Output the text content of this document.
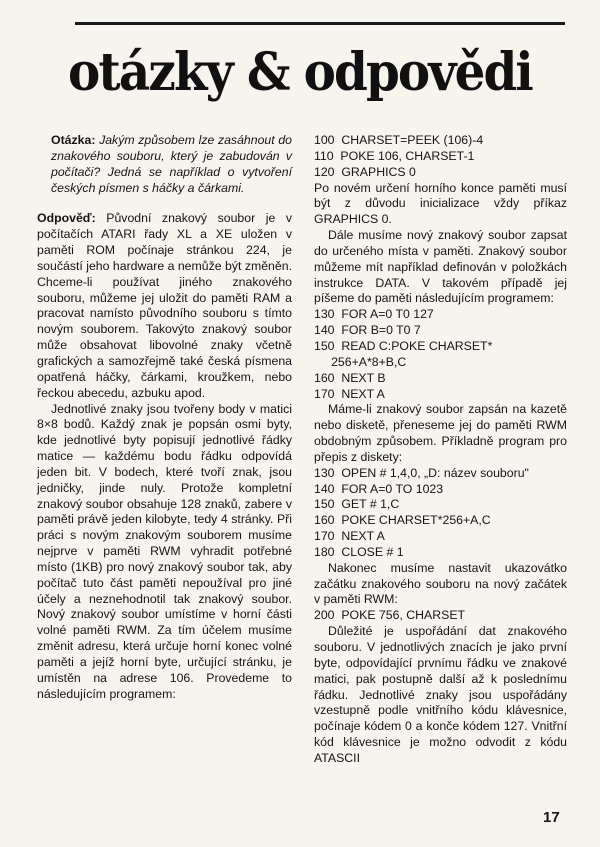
otázky & odpovědi

Otázka: Jakým způsobem lze zasáhnout do znakového souboru, který je zabudován v počítači? Jedná se například o vytvoření českých písmen s háčky a čárkami.

Odpověď: Původní znakový soubor je v počítačích ATARI řady XL a XE uložen v paměti ROM počínaje stránkou 224, je součástí jeho hardware a nemůže být změněn. Chceme-li používat jiného znakového souboru, můžeme jej uložit do paměti RAM a pracovat namísto původního souboru s tímto novým souborem. Takovýto znakový soubor může obsahovat libovolné znaky včetně grafických a samozřejmě také česká písmena opatřená háčky, čárkami, kroužkem, nebo řeckou abecedu, azbuku apod.

Jednotlivé znaky jsou tvořeny body v matici 8×8 bodů. Každý znak je popsán osmi byty, kde jednotlivé byty popisují jednotlivé řádky matice — každému bodu řádku odpovídá jeden bit. V bodech, které tvoří znak, jsou jedničky, jinde nuly. Protože kompletní znakový soubor obsahuje 128 znaků, zabere v paměti právě jeden kilobyte, tedy 4 stránky. Při práci s novým znakovým souborem musíme nejprve v paměti RWM vyhradit potřebné místo (1KB) pro nový znakový soubor tak, aby počítač tuto část paměti nepoužíval pro jiné účely a neznehodnotil tak znakový soubor. Nový znakový soubor umístíme v horní části volné paměti RWM. Za tím účelem musíme změnit adresu, která určuje horní konec volné paměti a jejíž horní byte, určující stránku, je umístěn na adrese 106. Provedeme to následujícím programem:

100  CHARSET=PEEK (106)-4
110  POKE 106, CHARSET-1
120  GRAPHICS 0

Po novém určení horního konce paměti musí být z důvodu inicializace vždy příkaz GRAPHICS 0.

Dále musíme nový znakový soubor zapsat do určeného místa v paměti. Znakový soubor můžeme mít například definován v položkách instrukce DATA. V takovém případě jej píšeme do paměti následujícím programem:

130  FOR A=0 T0 127
140  FOR B=0 T0 7
150  READ C:POKE CHARSET*
256+A*8+B,C
160  NEXT B
170  NEXT A

Máme-li znakový soubor zapsán na kazetě nebo disketě, přeneseme jej do paměti RWM obdobným způsobem. Příkladně program pro přepis z diskety:

130  OPEN # 1,4,0, „D: název souboru"
140  FOR A=0 TO 1023
150  GET # 1,C
160  POKE CHARSET*256+A,C
170  NEXT A
180  CLOSE # 1

Nakonec musíme nastavit ukazovátko začátku znakového souboru na nový začátek v paměti RWM:

200  POKE 756, CHARSET

Důležité je uspořádání dat znakového souboru. V jednotlivých znacích je jako první byte, odpovídající prvnímu řádku ve znakové matici, pak postupně další až k poslednímu řádku. Jednotlivé znaky jsou uspořádány vzestupně podle vnitřního kódu klávesnice, počínaje kódem 0 a konče kódem 127. Vnitřní kód klávesnice je možno odvodit z kódu ATASCII

17
